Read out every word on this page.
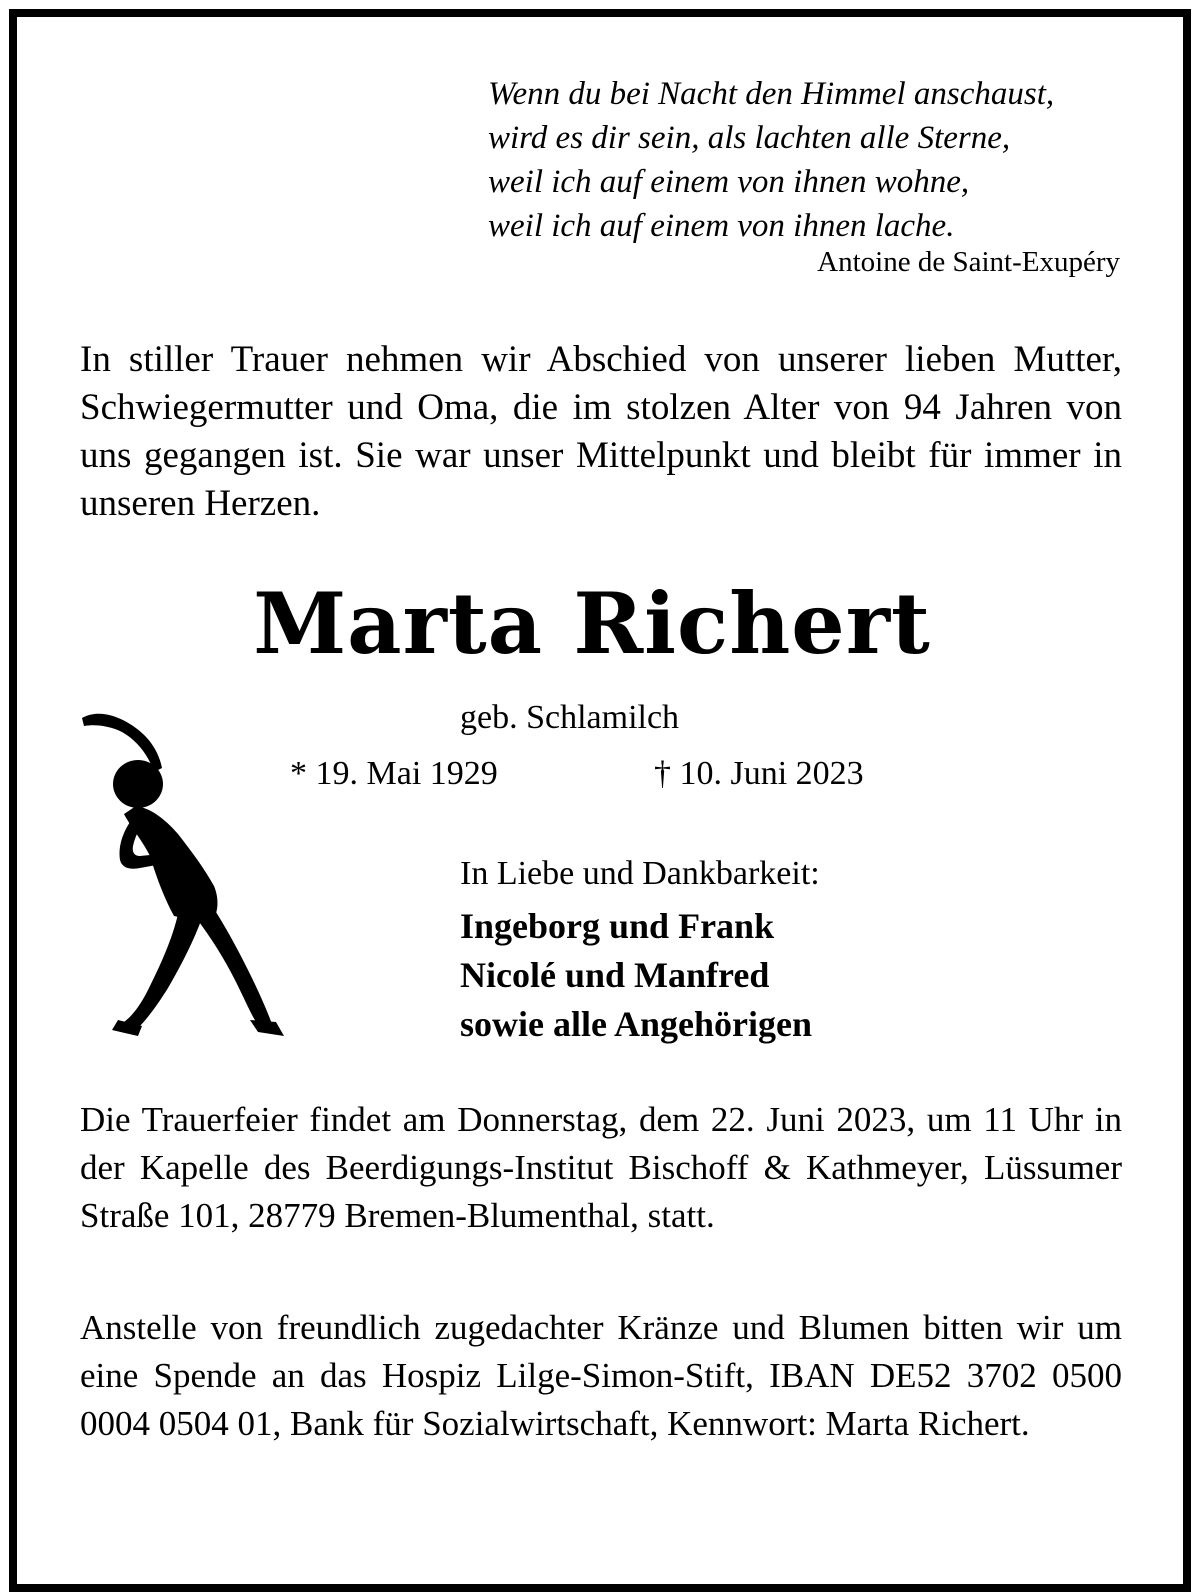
Wenn du bei Nacht den Himmel anschaust,
wird es dir sein, als lachten alle Sterne,
weil ich auf einem von ihnen wohne,
weil ich auf einem von ihnen lache.
Antoine de Saint-Exupéry
In stiller Trauer nehmen wir Abschied von unserer lieben Mutter, Schwiegermutter und Oma, die im stolzen Alter von 94 Jahren von uns gegangen ist. Sie war unser Mittelpunkt und bleibt für immer in unseren Herzen.
Marta Richert
geb. Schlamilch
* 19. Mai 1929	† 10. Juni 2023
In Liebe und Dankbarkeit:
Ingeborg und Frank
Nicolé und Manfred
sowie alle Angehörigen
Die Trauerfeier findet am Donnerstag, dem 22. Juni 2023, um 11 Uhr in der Kapelle des Beerdigungs-Institut Bischoff & Kathmeyer, Lüssumer Straße 101, 28779 Bremen-Blumenthal, statt.
Anstelle von freundlich zugedachter Kränze und Blumen bitten wir um eine Spende an das Hospiz Lilge-Simon-Stift, IBAN DE52 3702 0500 0004 0504 01, Bank für Sozialwirtschaft, Kennwort: Marta Richert.
